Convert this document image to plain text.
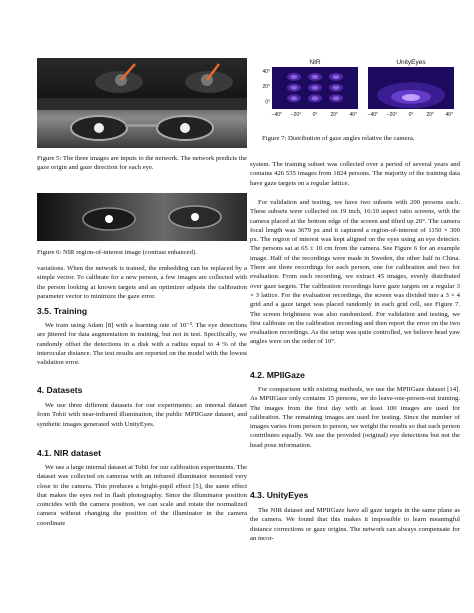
Figure 5: The three images are inputs to the network. The network predicts the gaze origin and gaze direction for each eye.

Figure 6: NIR region-of-interest image (contrast enhanced).

variations. When the network is trained, the embedding can be replaced by a simple vector. To calibrate for a new person, a few images are collected with the person looking at known targets and an optimizer adjusts the calibration parameter vector to minimize the gaze error.

3.5. Training

We train using Adam [8] with a learning rate of 10⁻³. The eye detections are jittered for data augmentation in training, but not in test. Specifically, we randomly offset the detections in a disk with a radius equal to 4 % of the interocular distance. The test results are reported on the model with the lowest validation error.

4. Datasets

We use three different datasets for our experiments: an internal dataset from Tobii with near-infrared illumination, the public MPIIGaze dataset, and synthetic images generated with UnityEyes.

4.1. NIR dataset

We use a large internal dataset at Tobii for our calibration experiments. The dataset was collected on cameras with an infrared illuminator mounted very close to the camera. This produces a bright-pupil effect [5], the same effect that makes the eyes red in flash photography. Since the illuminator position coincides with the camera position, we can scale and rotate the normalized camera without changing the position of the illuminator in the camera coordinate

NIR
−40° −20° 0°	20° 40°
40°
20°
0°
UnityEyes
−40° −20° 0°	20° 40°

Figure 7: Distribution of gaze angles relative the camera.

system. The training subset was collected over a period of several years and contains 426 535 images from 1824 persons. The majority of the training data have gaze targets on a regular lattice.

For validation and testing, we have two subsets with 200 persons each. These subsets were collected on 19 inch, 16:10 aspect ratio screens, with the camera placed at the bottom edge of the screen and tilted up 20°. The camera focal length was 3679 px and it captured a region-of-interest of 1150 × 300 px. The region of interest was kept aligned on the eyes using an eye detector. The persons sat at 65 ± 10 cm from the camera. See Figure 6 for an example image. Half of the recordings were made in Sweden, the other half in China. There are three recordings for each person, one for calibration and two for evaluation. From each recording, we extract 45 images, evenly distributed over gaze targets. The calibration recordings have gaze targets on a regular 3 × 3 lattice. For the evaluation recordings, the screen was divided into a 3 × 4 grid and a gaze target was placed randomly in each grid cell, see Figure 7. The screen brightness was also randomized. For validation and testing, we first calibrate on the calibration recording and then report the error on the two evaluation recordings. As the setup was quite controlled, we believe head yaw angles were on the order of 10°.

4.2. MPIIGaze

For comparison with existing methods, we use the MPIIGaze dataset [14]. As MPIIGaze only contains 15 persons, we do leave-one-person-out training. The images from the first day with at least 100 images are used for calibration. The remaining images are used for testing. Since the number of images varies from person to person, we weight the results so that each person contributes equally. We use the provided (original) eye detections but not the head pose information.

4.3. UnityEyes

The NIR dataset and MPIIGaze have all gaze targets in the same plane as the camera. We found that this makes it impossible to learn meaningful distance corrections or gaze origins. The network can always compensate for an incor-
